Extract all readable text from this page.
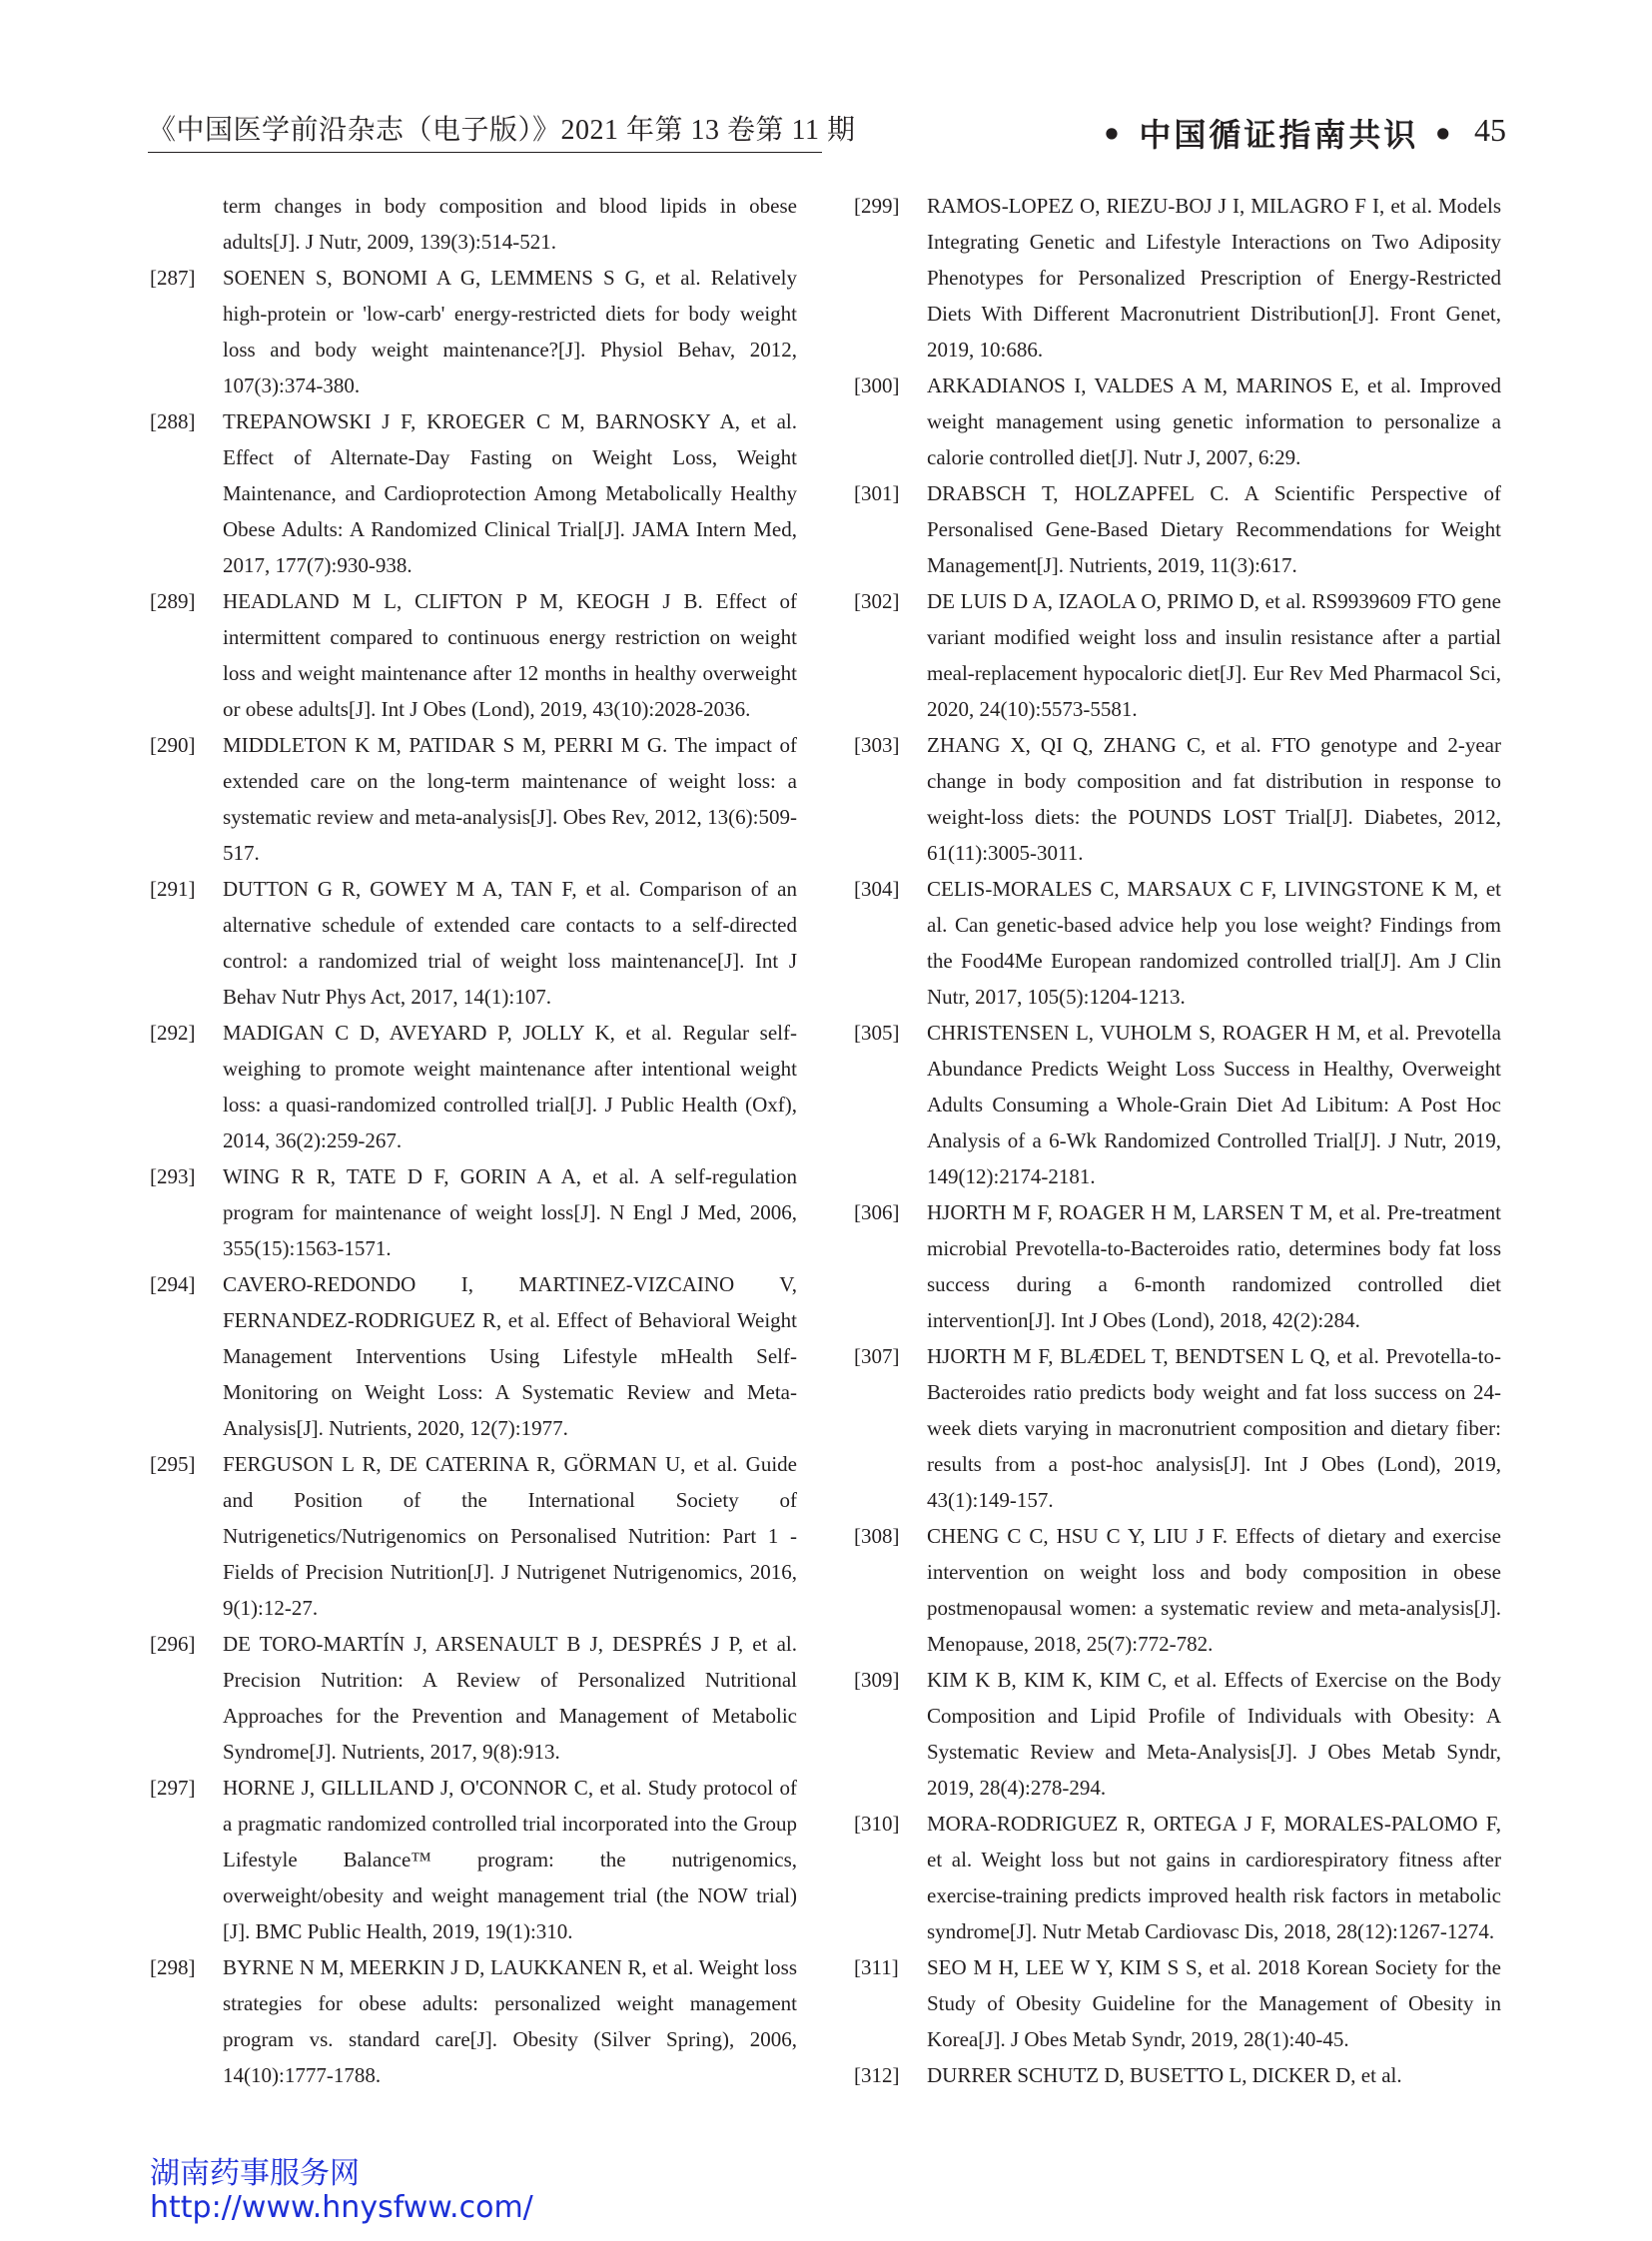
《中国医学前沿杂志（电子版）》2021 年第 13 卷第 11 期	• 中国循证指南共识 • 45

term changes in body composition and blood lipids in obese adults[J]. J Nutr, 2009, 139(3):514-521.

[287] SOENEN S, BONOMI A G, LEMMENS S G, et al. Relatively high-protein or 'low-carb' energy-restricted diets for body weight loss and body weight maintenance?[J]. Physiol Behav, 2012, 107(3):374-380.

[288] TREPANOWSKI J F, KROEGER C M, BARNOSKY A, et al. Effect of Alternate-Day Fasting on Weight Loss, Weight Maintenance, and Cardioprotection Among Metabolically Healthy Obese Adults: A Randomized Clinical Trial[J]. JAMA Intern Med, 2017, 177(7):930-938.

[289] HEADLAND M L, CLIFTON P M, KEOGH J B. Effect of intermittent compared to continuous energy restriction on weight loss and weight maintenance after 12 months in healthy overweight or obese adults[J]. Int J Obes (Lond), 2019, 43(10):2028-2036.

[290] MIDDLETON K M, PATIDAR S M, PERRI M G. The impact of extended care on the long-term maintenance of weight loss: a systematic review and meta-analysis[J]. Obes Rev, 2012, 13(6):509-517.

[291] DUTTON G R, GOWEY M A, TAN F, et al. Comparison of an alternative schedule of extended care contacts to a self-directed control: a randomized trial of weight loss maintenance[J]. Int J Behav Nutr Phys Act, 2017, 14(1):107.

[292] MADIGAN C D, AVEYARD P, JOLLY K, et al. Regular self-weighing to promote weight maintenance after intentional weight loss: a quasi-randomized controlled trial[J]. J Public Health (Oxf), 2014, 36(2):259-267.

[293] WING R R, TATE D F, GORIN A A, et al. A self-regulation program for maintenance of weight loss[J]. N Engl J Med, 2006, 355(15):1563-1571.

[294] CAVERO-REDONDO I, MARTINEZ-VIZCAINO V, FERNANDEZ-RODRIGUEZ R, et al. Effect of Behavioral Weight Management Interventions Using Lifestyle mHealth Self-Monitoring on Weight Loss: A Systematic Review and Meta-Analysis[J]. Nutrients, 2020, 12(7):1977.

[295] FERGUSON L R, DE CATERINA R, GÖRMAN U, et al. Guide and Position of the International Society of Nutrigenetics/Nutrigenomics on Personalised Nutrition: Part 1 - Fields of Precision Nutrition[J]. J Nutrigenet Nutrigenomics, 2016, 9(1):12-27.

[296] DE TORO-MARTÍN J, ARSENAULT B J, DESPRÉS J P, et al. Precision Nutrition: A Review of Personalized Nutritional Approaches for the Prevention and Management of Metabolic Syndrome[J]. Nutrients, 2017, 9(8):913.

[297] HORNE J, GILLILAND J, O'CONNOR C, et al. Study protocol of a pragmatic randomized controlled trial incorporated into the Group Lifestyle Balance™ program: the nutrigenomics, overweight/obesity and weight management trial (the NOW trial)[J]. BMC Public Health, 2019, 19(1):310.

[298] BYRNE N M, MEERKIN J D, LAUKKANEN R, et al. Weight loss strategies for obese adults: personalized weight management program vs. standard care[J]. Obesity (Silver Spring), 2006, 14(10):1777-1788.

[299] RAMOS-LOPEZ O, RIEZU-BOJ J I, MILAGRO F I, et al. Models Integrating Genetic and Lifestyle Interactions on Two Adiposity Phenotypes for Personalized Prescription of Energy-Restricted Diets With Different Macronutrient Distribution[J]. Front Genet, 2019, 10:686.

[300] ARKADIANOS I, VALDES A M, MARINOS E, et al. Improved weight management using genetic information to personalize a calorie controlled diet[J]. Nutr J, 2007, 6:29.

[301] DRABSCH T, HOLZAPFEL C. A Scientific Perspective of Personalised Gene-Based Dietary Recommendations for Weight Management[J]. Nutrients, 2019, 11(3):617.

[302] DE LUIS D A, IZAOLA O, PRIMO D, et al. RS9939609 FTO gene variant modified weight loss and insulin resistance after a partial meal-replacement hypocaloric diet[J]. Eur Rev Med Pharmacol Sci, 2020, 24(10):5573-5581.

[303] ZHANG X, QI Q, ZHANG C, et al. FTO genotype and 2-year change in body composition and fat distribution in response to weight-loss diets: the POUNDS LOST Trial[J]. Diabetes, 2012, 61(11):3005-3011.

[304] CELIS-MORALES C, MARSAUX C F, LIVINGSTONE K M, et al. Can genetic-based advice help you lose weight? Findings from the Food4Me European randomized controlled trial[J]. Am J Clin Nutr, 2017, 105(5):1204-1213.

[305] CHRISTENSEN L, VUHOLM S, ROAGER H M, et al. Prevotella Abundance Predicts Weight Loss Success in Healthy, Overweight Adults Consuming a Whole-Grain Diet Ad Libitum: A Post Hoc Analysis of a 6-Wk Randomized Controlled Trial[J]. J Nutr, 2019, 149(12):2174-2181.

[306] HJORTH M F, ROAGER H M, LARSEN T M, et al. Pre-treatment microbial Prevotella-to-Bacteroides ratio, determines body fat loss success during a 6-month randomized controlled diet intervention[J]. Int J Obes (Lond), 2018, 42(2):284.

[307] HJORTH M F, BLÆDEL T, BENDTSEN L Q, et al. Prevotella-to-Bacteroides ratio predicts body weight and fat loss success on 24-week diets varying in macronutrient composition and dietary fiber: results from a post-hoc analysis[J]. Int J Obes (Lond), 2019, 43(1):149-157.

[308] CHENG C C, HSU C Y, LIU J F. Effects of dietary and exercise intervention on weight loss and body composition in obese postmenopausal women: a systematic review and meta-analysis[J]. Menopause, 2018, 25(7):772-782.

[309] KIM K B, KIM K, KIM C, et al. Effects of Exercise on the Body Composition and Lipid Profile of Individuals with Obesity: A Systematic Review and Meta-Analysis[J]. J Obes Metab Syndr, 2019, 28(4):278-294.

[310] MORA-RODRIGUEZ R, ORTEGA J F, MORALES-PALOMO F, et al. Weight loss but not gains in cardiorespiratory fitness after exercise-training predicts improved health risk factors in metabolic syndrome[J]. Nutr Metab Cardiovasc Dis, 2018, 28(12):1267-1274.

[311] SEO M H, LEE W Y, KIM S S, et al. 2018 Korean Society for the Study of Obesity Guideline for the Management of Obesity in Korea[J]. J Obes Metab Syndr, 2019, 28(1):40-45.

[312] DURRER SCHUTZ D, BUSETTO L, DICKER D, et al.

湖南药事服务网
http://www.hnysfww.com/
